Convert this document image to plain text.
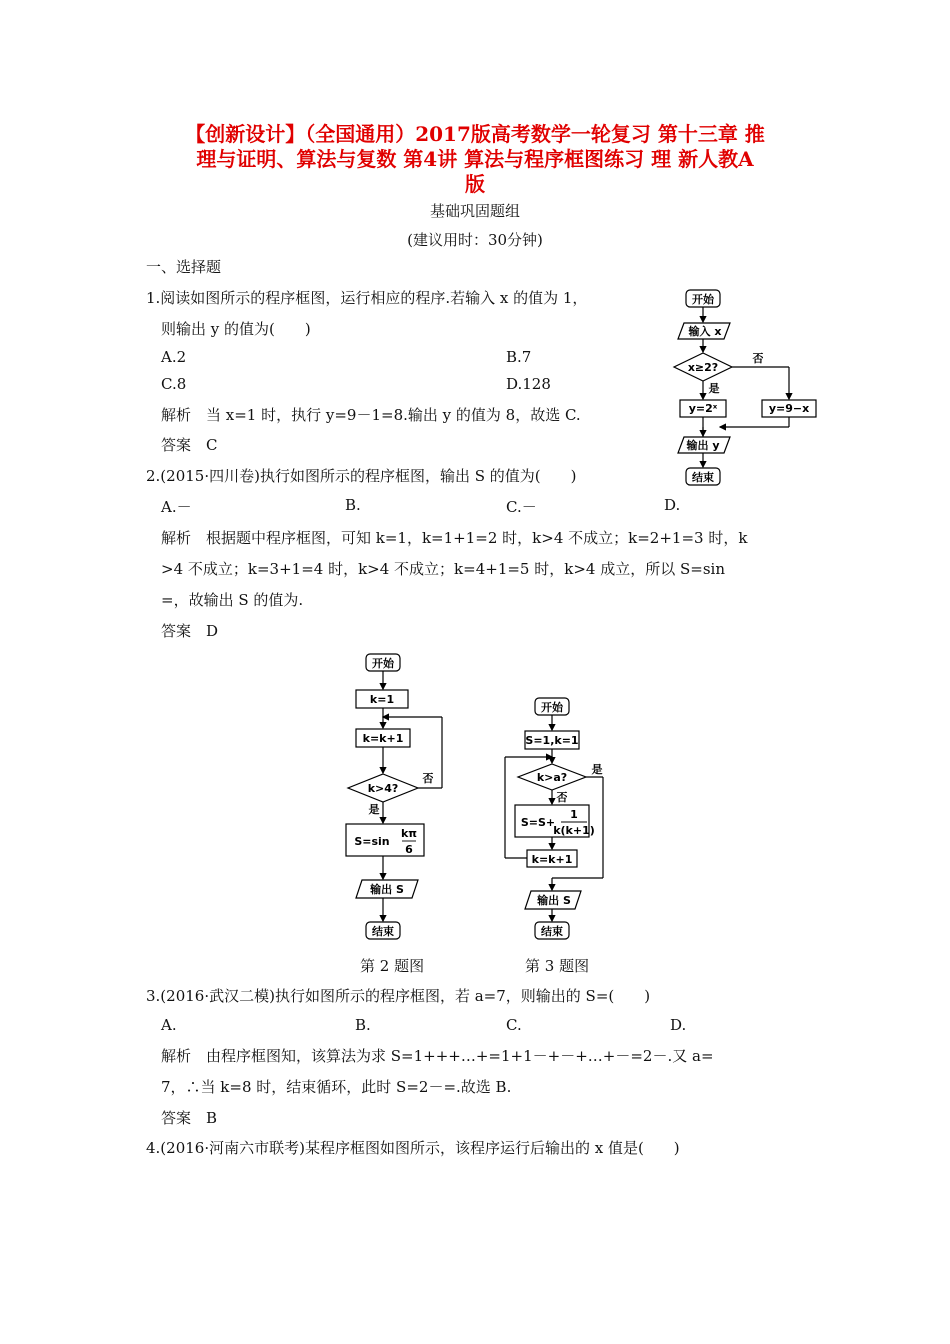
【创新设计】（全国通用）2017版高考数学一轮复习 第十三章 推
理与证明、算法与复数 第4讲 算法与程序框图练习 理 新人教A
版
基础巩固题组
(建议用时：30分钟)
一、选择题
1.阅读如图所示的程序框图，运行相应的程序.若输入 x 的值为 1，
则输出 y 的值为(　　)
A.2	B.7
C.8	D.128
解析　当 x=1 时，执行 y=9－1=8.输出 y 的值为 8，故选 C.
答案　C
开始
输入 x
x≥2?
否
是
y=2ˣ	y=9−x
输出 y
结束
2.(2015·四川卷)执行如图所示的程序框图，输出 S 的值为(　　)
A.－	B.	C.－	D.
解析　根据题中程序框图，可知 k=1，k=1+1=2 时，k>4 不成立；k=2+1=3 时，k
>4 不成立；k=3+1=4 时，k>4 不成立；k=4+1=5 时，k>4 成立，所以 S=sin
=，故输出 S 的值为.
答案　D
开始
k=1
k=k+1
k>4?
否
是
S=sin
kπ
6
输出 S
结束
开始
S=1,k=1
k>a?
是
否
S=S+
1
k(k+1)
k=k+1
输出 S
结束
第 2 题图	第 3 题图
3.(2016·武汉二模)执行如图所示的程序框图，若 a=7，则输出的 S=(　　)
A.	B.	C.	D.
解析　由程序框图知，该算法为求 S=1+++…+=1+1－+－+…+－=2－.又 a=
7，∴当 k=8 时，结束循环，此时 S=2－=.故选 B.
答案　B
4.(2016·河南六市联考)某程序框图如图所示，该程序运行后输出的 x 值是(　　)
